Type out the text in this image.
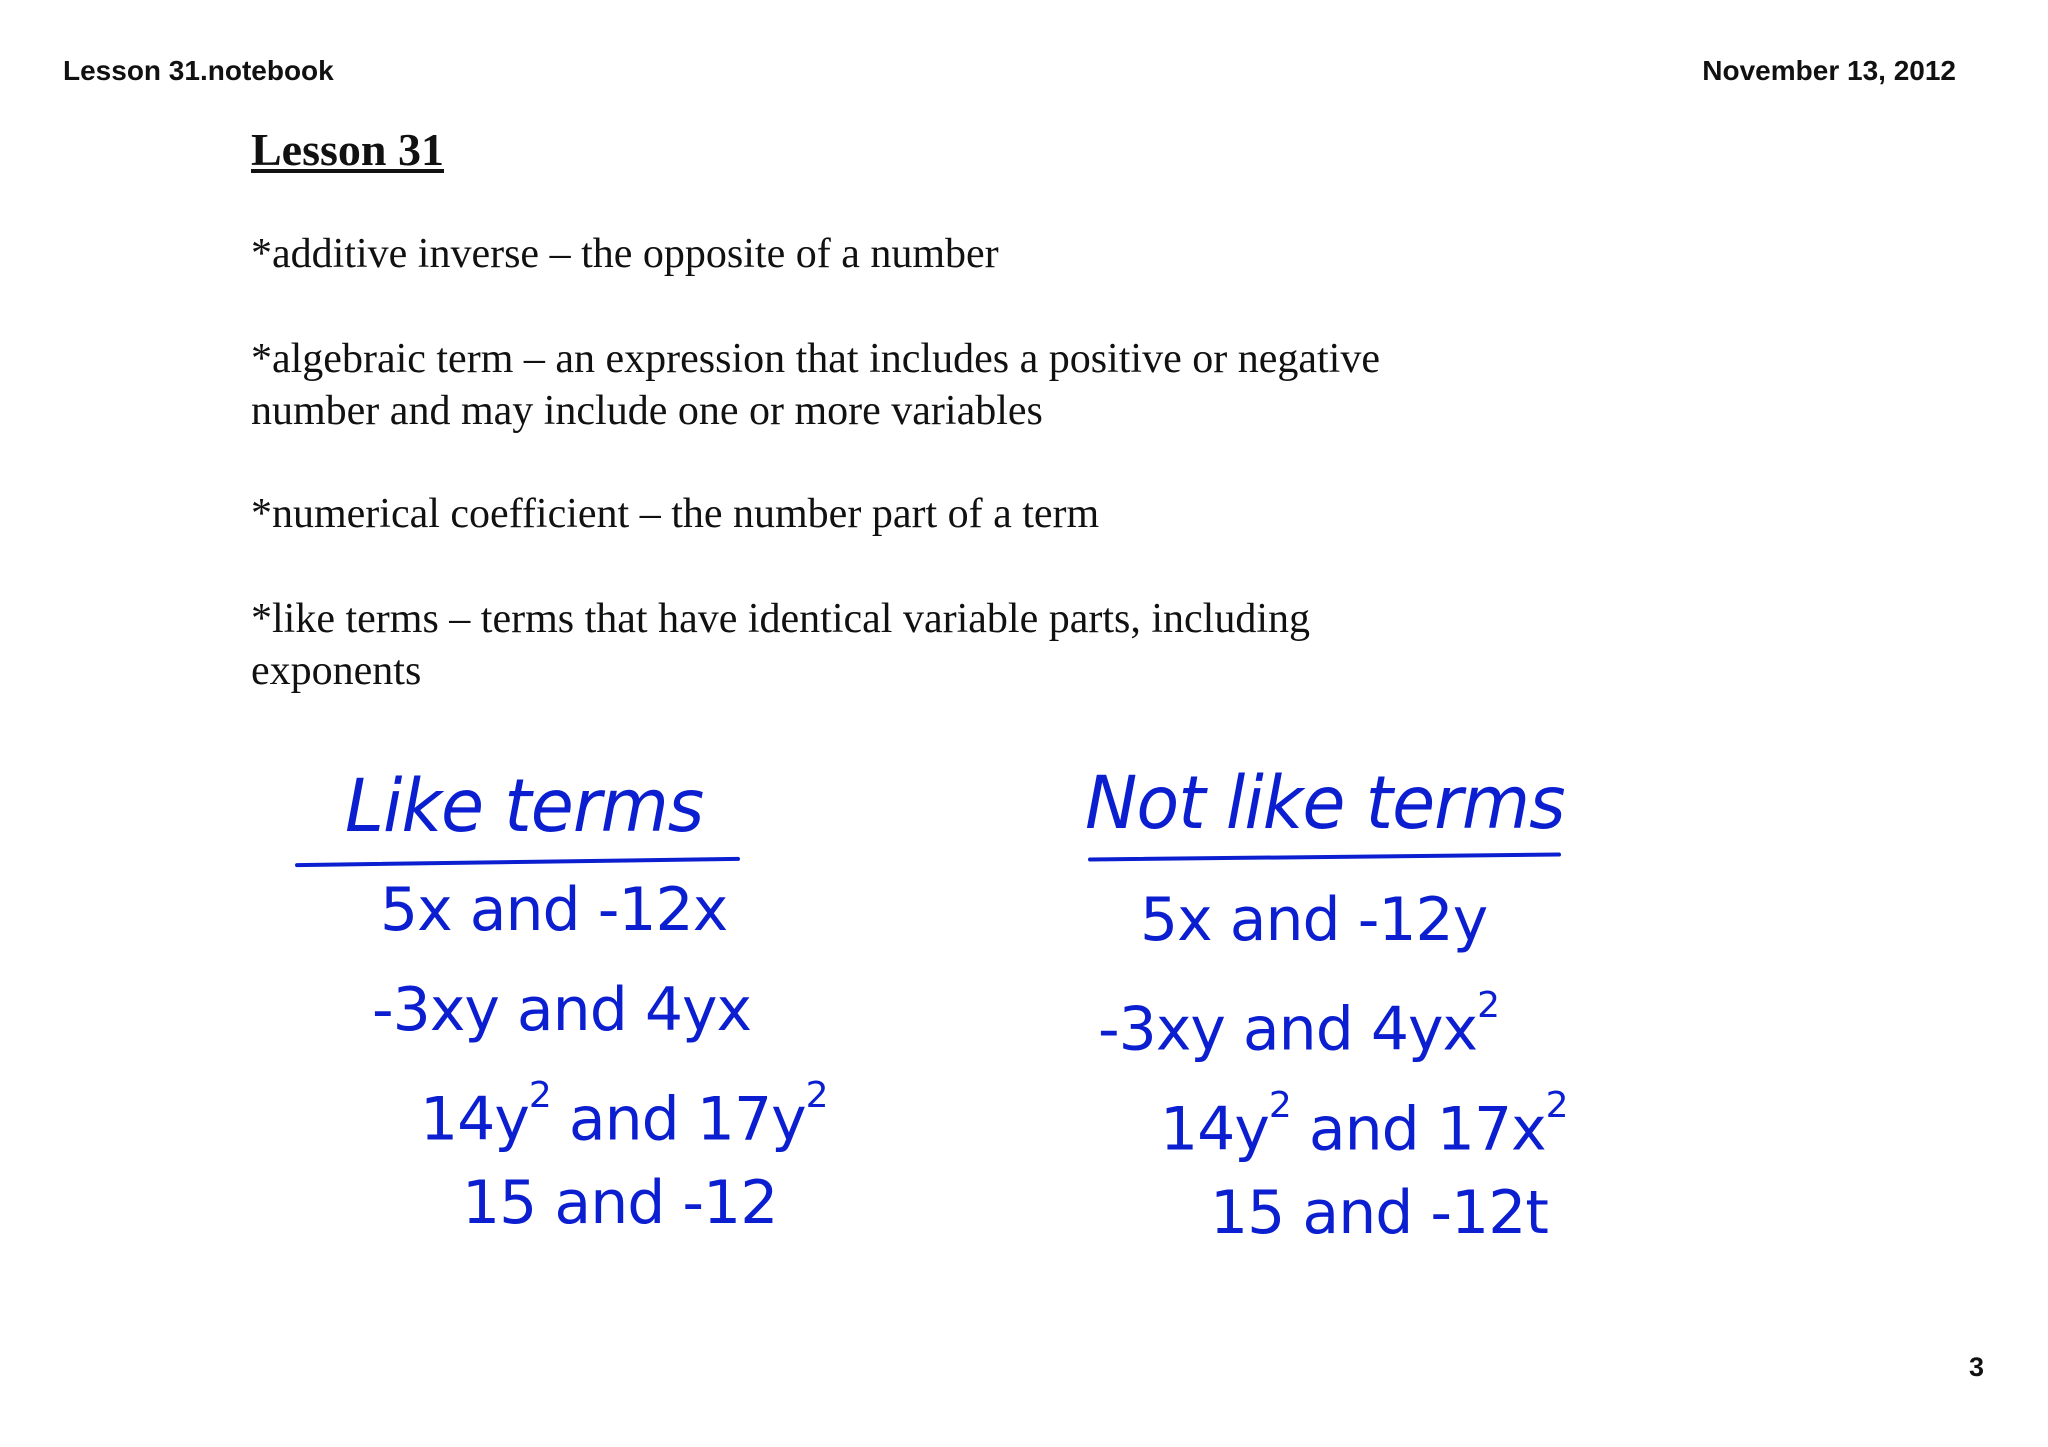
Lesson 31.notebook	November 13, 2012
Lesson 31

*additive inverse – the opposite of a number

*algebraic term – an expression that includes a positive or negative number and may include one or more variables

*numerical coefficient – the number part of a term

*like terms – terms that have identical variable parts, including exponents

Like terms
5x and -12x
-3xy and 4yx
$14y^2$ and $17y^2$
15 and -12
Not like terms
5x and -12y
-3xy and $4yx^2$
$14y^2$ and $17x^2$
15 and -12t
3
